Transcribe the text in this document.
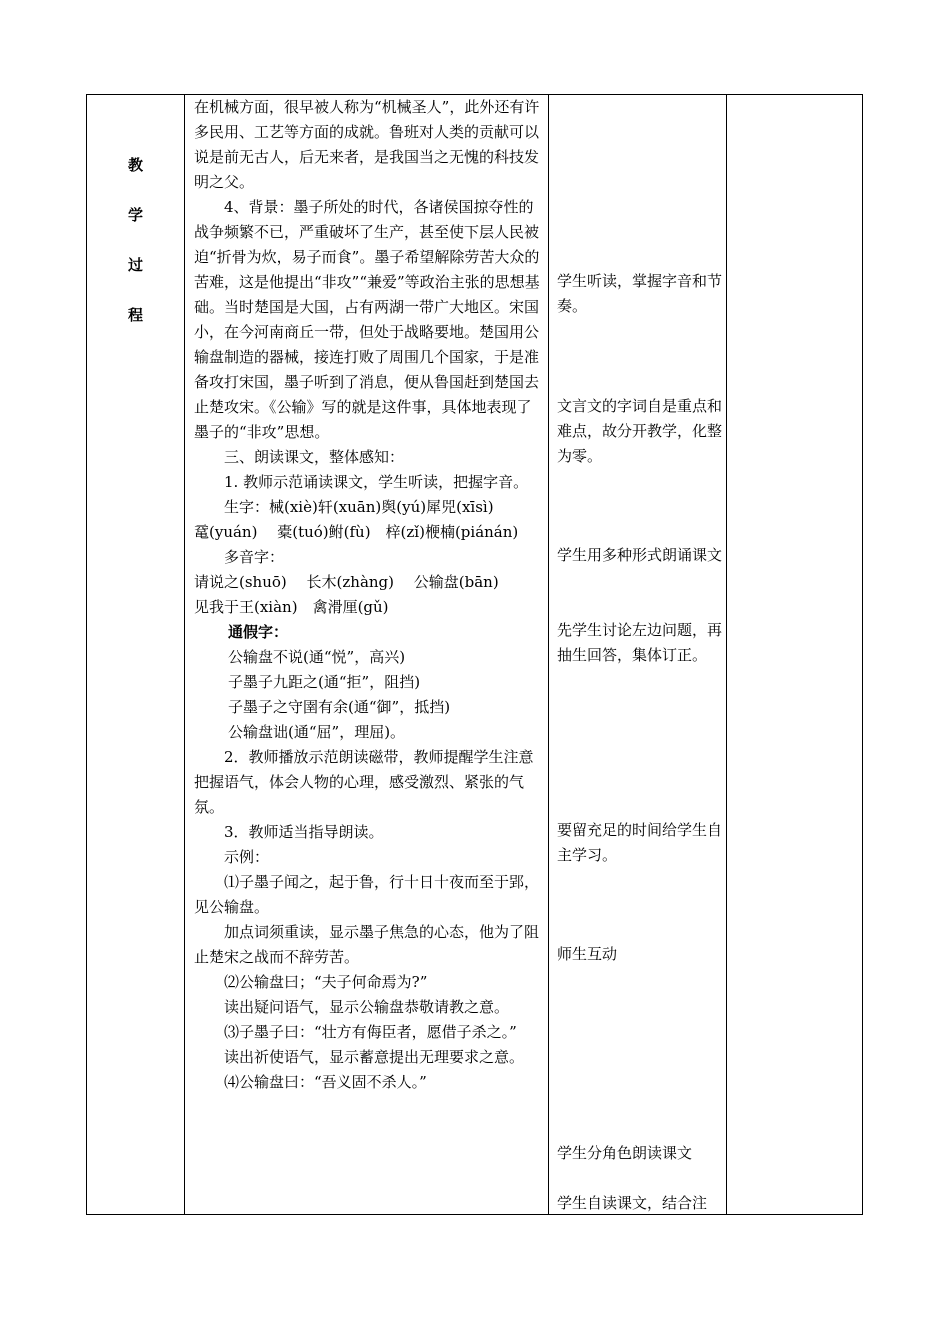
教
学
过
程

在机械方面，很早被人称为“机械圣人”，此外还有许多民用、工艺等方面的成就。鲁班对人类的贡献可以说是前无古人，后无来者，是我国当之无愧的科技发明之父。

4、背景：墨子所处的时代，各诸侯国掠夺性的战争频繁不已，严重破坏了生产，甚至使下层人民被迫“折骨为炊，易子而食”。墨子希望解除劳苦大众的苦难，这是他提出“非攻”“兼爱”等政治主张的思想基础。当时楚国是大国，占有两湖一带广大地区。宋国小，在今河南商丘一带，但处于战略要地。楚国用公输盘制造的器械，接连打败了周围几个国家，于是准备攻打宋国，墨子听到了消息，便从鲁国赶到楚国去止楚攻宋。《公输》写的就是这件事，具体地表现了墨子的“非攻”思想。

三、朗读课文，整体感知：

1. 教师示范诵读课文，学生听读，把握字音。

生字：械(xiè)轩(xuān)舆(yú)犀兕(xīsì)

鼋(yuán)　 橐(tuó)鲋(fù)　梓(zǐ)楩楠(piánán)

多音字：

请说之(shuō)　 长木(zhàng)　 公输盘(bān)

见我于王(xiàn)　禽滑厘(gǔ)

通假字：

公输盘不说(通“悦”，高兴)

子墨子九距之(通“拒”，阻挡)

子墨子之守圉有余(通“御”，抵挡)

公输盘诎(通“屈”，理屈)。

2．教师播放示范朗读磁带，教师提醒学生注意把握语气，体会人物的心理，感受激烈、紧张的气氛。

3．教师适当指导朗读。

示例：

⑴子墨子闻之，起于鲁，行十日十夜而至于郢，见公输盘。

加点词须重读，显示墨子焦急的心态，他为了阻止楚宋之战而不辞劳苦。

⑵公输盘曰；“夫子何命焉为?”

读出疑问语气，显示公输盘恭敬请教之意。

⑶子墨子曰：“壮方有侮臣者，愿借子杀之。”

读出祈使语气，显示蓄意提出无理要求之意。

⑷公输盘曰：“吾义固不杀人。”

学生听读，掌握字音和节奏。
文言文的字词自是重点和难点，故分开教学，化整为零。
学生用多种形式朗诵课文
先学生讨论左边问题，再抽生回答，集体订正。
要留充足的时间给学生自主学习。
师生互动
学生分角色朗读课文
学生自读课文，结合注
